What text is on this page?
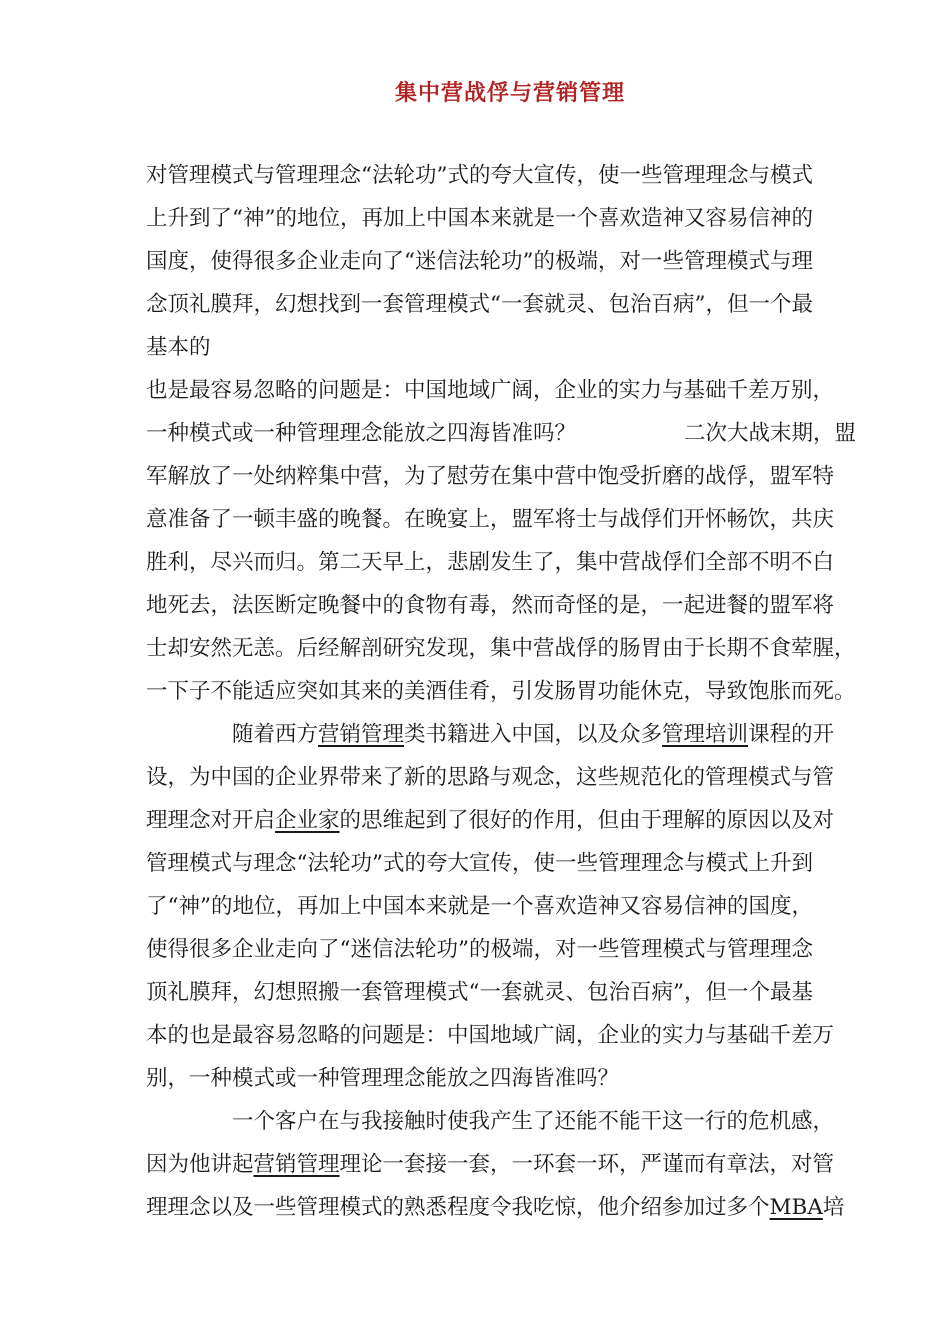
集中营战俘与营销管理
对管理模式与管理理念“法轮功”式的夸大宣传，使一些管理理念与模式
上升到了“神”的地位，再加上中国本来就是一个喜欢造神又容易信神的
国度，使得很多企业走向了“迷信法轮功”的极端，对一些管理模式与理
念顶礼膜拜，幻想找到一套管理模式“一套就灵、包治百病”，但一个最
基本的
也是最容易忽略的问题是：中国地域广阔，企业的实力与基础千差万别，
一种模式或一种管理理念能放之四海皆准吗？	二次大战末期，盟
军解放了一处纳粹集中营，为了慰劳在集中营中饱受折磨的战俘，盟军特
意准备了一顿丰盛的晚餐。在晚宴上，盟军将士与战俘们开怀畅饮，共庆
胜利，尽兴而归。第二天早上，悲剧发生了，集中营战俘们全部不明不白
地死去，法医断定晚餐中的食物有毒，然而奇怪的是，一起进餐的盟军将
士却安然无恙。后经解剖研究发现，集中营战俘的肠胃由于长期不食荤腥，
一下子不能适应突如其来的美酒佳肴，引发肠胃功能休克，导致饱胀而死。
随着西方营销管理类书籍进入中国，以及众多管理培训课程的开
设，为中国的企业界带来了新的思路与观念，这些规范化的管理模式与管
理理念对开启企业家的思维起到了很好的作用，但由于理解的原因以及对
管理模式与理念“法轮功”式的夸大宣传，使一些管理理念与模式上升到
了“神”的地位，再加上中国本来就是一个喜欢造神又容易信神的国度，
使得很多企业走向了“迷信法轮功”的极端，对一些管理模式与管理理念
顶礼膜拜，幻想照搬一套管理模式“一套就灵、包治百病”，但一个最基
本的也是最容易忽略的问题是：中国地域广阔，企业的实力与基础千差万
别，一种模式或一种管理理念能放之四海皆准吗？
一个客户在与我接触时使我产生了还能不能干这一行的危机感，
因为他讲起营销管理理论一套接一套，一环套一环，严谨而有章法，对管
理理念以及一些管理模式的熟悉程度令我吃惊，他介绍参加过多个MBA培
